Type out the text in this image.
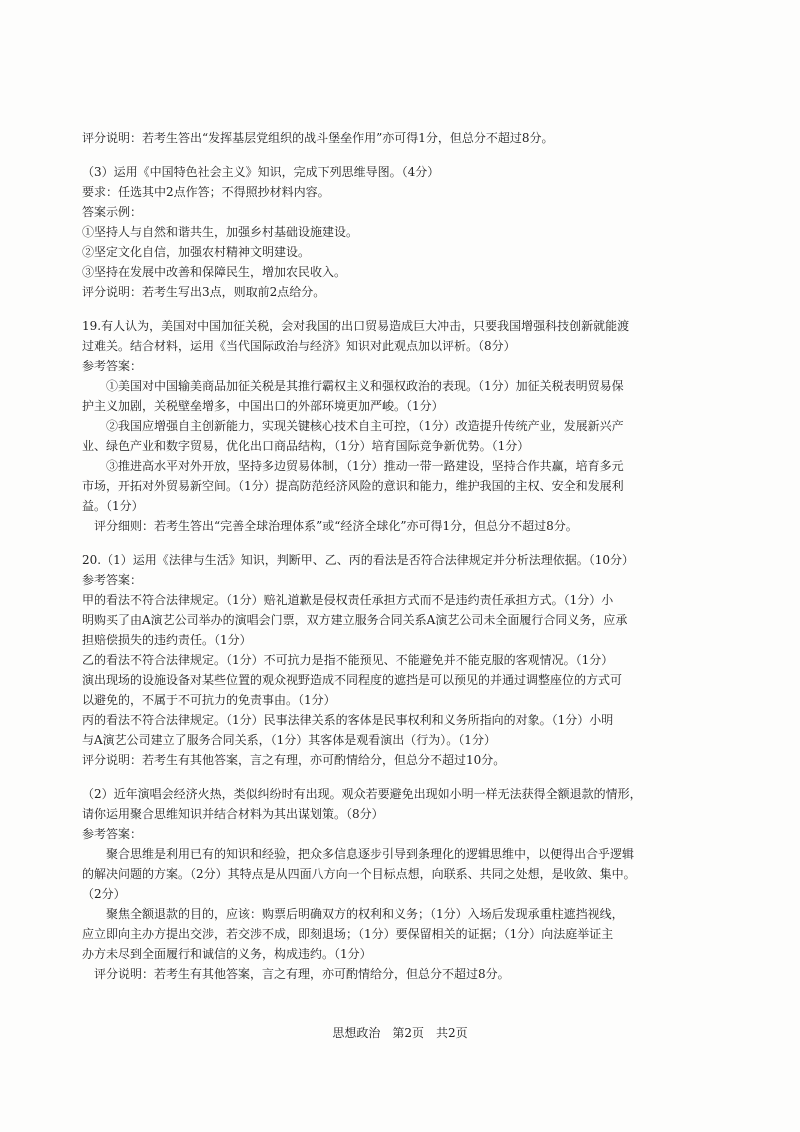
评分说明：若考生答出“发挥基层党组织的战斗堡垒作用”亦可得1分，但总分不超过8分。

（3）运用《中国特色社会主义》知识，完成下列思维导图。（4分）

要求：任选其中2点作答；不得照抄材料内容。

答案示例：

①坚持人与自然和谐共生，加强乡村基础设施建设。

②坚定文化自信，加强农村精神文明建设。

③坚持在发展中改善和保障民生，增加农民收入。

评分说明：若考生写出3点，则取前2点给分。

19.有人认为，美国对中国加征关税，会对我国的出口贸易造成巨大冲击，只要我国增强科技创新就能渡

过难关。结合材料，运用《当代国际政治与经济》知识对此观点加以评析。（8分）

参考答案：

①美国对中国输美商品加征关税是其推行霸权主义和强权政治的表现。（1分）加征关税表明贸易保

护主义加剧，关税壁垒增多，中国出口的外部环境更加严峻。（1分）

②我国应增强自主创新能力，实现关键核心技术自主可控，（1分）改造提升传统产业，发展新兴产

业、绿色产业和数字贸易，优化出口商品结构，（1分）培育国际竞争新优势。（1分）

③推进高水平对外开放，坚持多边贸易体制，（1分）推动一带一路建设，坚持合作共赢，培育多元

市场，开拓对外贸易新空间。（1分）提高防范经济风险的意识和能力，维护我国的主权、安全和发展利

益。（1分）

评分细则：若考生答出“完善全球治理体系”或“经济全球化”亦可得1分，但总分不超过8分。

20.（1）运用《法律与生活》知识，判断甲、乙、丙的看法是否符合法律规定并分析法理依据。（10分）

参考答案：

甲的看法不符合法律规定。（1分）赔礼道歉是侵权责任承担方式而不是违约责任承担方式。（1分）小

明购买了由A演艺公司举办的演唱会门票，双方建立服务合同关系A演艺公司未全面履行合同义务，应承

担赔偿损失的违约责任。（1分）

乙的看法不符合法律规定。（1分）不可抗力是指不能预见、不能避免并不能克服的客观情况。（1分）

演出现场的设施设备对某些位置的观众视野造成不同程度的遮挡是可以预见的并通过调整座位的方式可

以避免的，不属于不可抗力的免责事由。（1分）

丙的看法不符合法律规定。（1分）民事法律关系的客体是民事权利和义务所指向的对象。（1分）小明

与A演艺公司建立了服务合同关系，（1分）其客体是观看演出（行为）。（1分）

评分说明：若考生有其他答案，言之有理，亦可酌情给分，但总分不超过10分。

（2）近年演唱会经济火热，类似纠纷时有出现。观众若要避免出现如小明一样无法获得全额退款的情形，

请你运用聚合思维知识并结合材料为其出谋划策。（8分）

参考答案：

聚合思维是利用已有的知识和经验，把众多信息逐步引导到条理化的逻辑思维中，以便得出合乎逻辑

的解决问题的方案。（2分）其特点是从四面八方向一个目标点想，向联系、共同之处想，是收敛、集中。

（2分）

聚焦全额退款的目的，应该：购票后明确双方的权利和义务；（1分）入场后发现承重柱遮挡视线，

应立即向主办方提出交涉，若交涉不成，即刻退场；（1分）要保留相关的证据；（1分）向法庭举证主

办方未尽到全面履行和诚信的义务，构成违约。（1分）

评分说明：若考生有其他答案，言之有理，亦可酌情给分，但总分不超过8分。

思想政治　第2页　共2页
